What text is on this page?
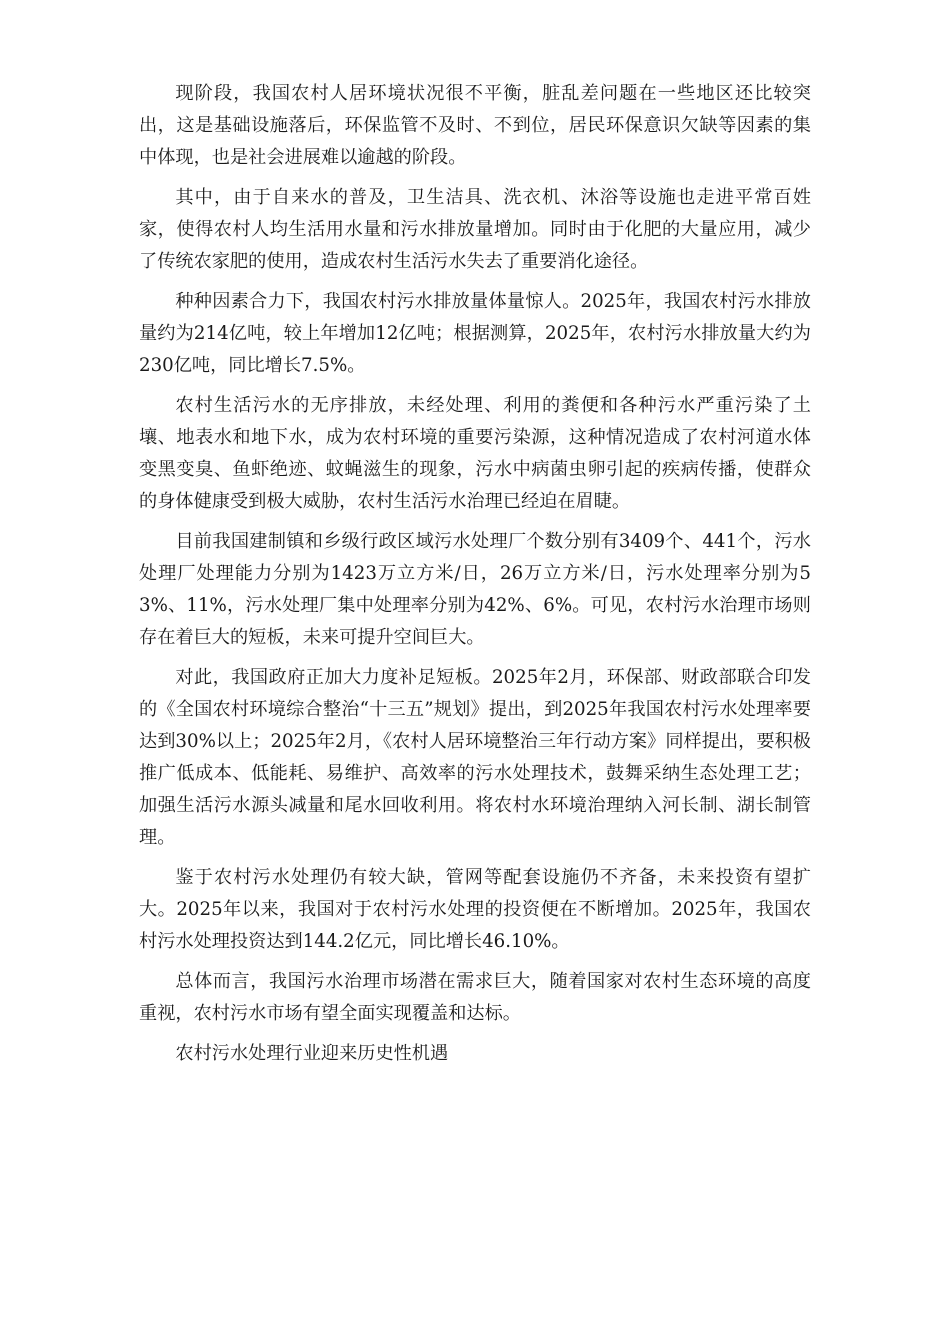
现阶段，我国农村人居环境状况很不平衡，脏乱差问题在一些地区还比较突出，这是基础设施落后，环保监管不及时、不到位，居民环保意识欠缺等因素的集中体现，也是社会进展难以逾越的阶段。

其中，由于自来水的普及，卫生洁具、洗衣机、沐浴等设施也走进平常百姓家，使得农村人均生活用水量和污水排放量增加。同时由于化肥的大量应用，减少了传统农家肥的使用，造成农村生活污水失去了重要消化途径。

种种因素合力下，我国农村污水排放量体量惊人。2025年，我国农村污水排放量约为214亿吨，较上年增加12亿吨；根据测算，2025年，农村污水排放量大约为230亿吨，同比增长7.5%。

农村生活污水的无序排放，未经处理、利用的粪便和各种污水严重污染了土壤、地表水和地下水，成为农村环境的重要污染源，这种情况造成了农村河道水体变黑变臭、鱼虾绝迹、蚊蝇滋生的现象，污水中病菌虫卵引起的疾病传播，使群众的身体健康受到极大威胁，农村生活污水治理已经迫在眉睫。

目前我国建制镇和乡级行政区域污水处理厂个数分别有3409个、441个，污水处理厂处理能力分别为1423万立方米/日，26万立方米/日，污水处理率分别为53%、11%，污水处理厂集中处理率分别为42%、6%。可见，农村污水治理市场则存在着巨大的短板，未来可提升空间巨大。

对此，我国政府正加大力度补足短板。2025年2月，环保部、财政部联合印发的《全国农村环境综合整治“十三五”规划》提出，到2025年我国农村污水处理率要达到30%以上；2025年2月，《农村人居环境整治三年行动方案》同样提出，要积极推广低成本、低能耗、易维护、高效率的污水处理技术，鼓舞采纳生态处理工艺；加强生活污水源头减量和尾水回收利用。将农村水环境治理纳入河长制、湖长制管理。

鉴于农村污水处理仍有较大缺，管网等配套设施仍不齐备，未来投资有望扩大。2025年以来，我国对于农村污水处理的投资便在不断增加。2025年，我国农村污水处理投资达到144.2亿元，同比增长46.10%。

总体而言，我国污水治理市场潜在需求巨大，随着国家对农村生态环境的高度重视，农村污水市场有望全面实现覆盖和达标。

农村污水处理行业迎来历史性机遇
